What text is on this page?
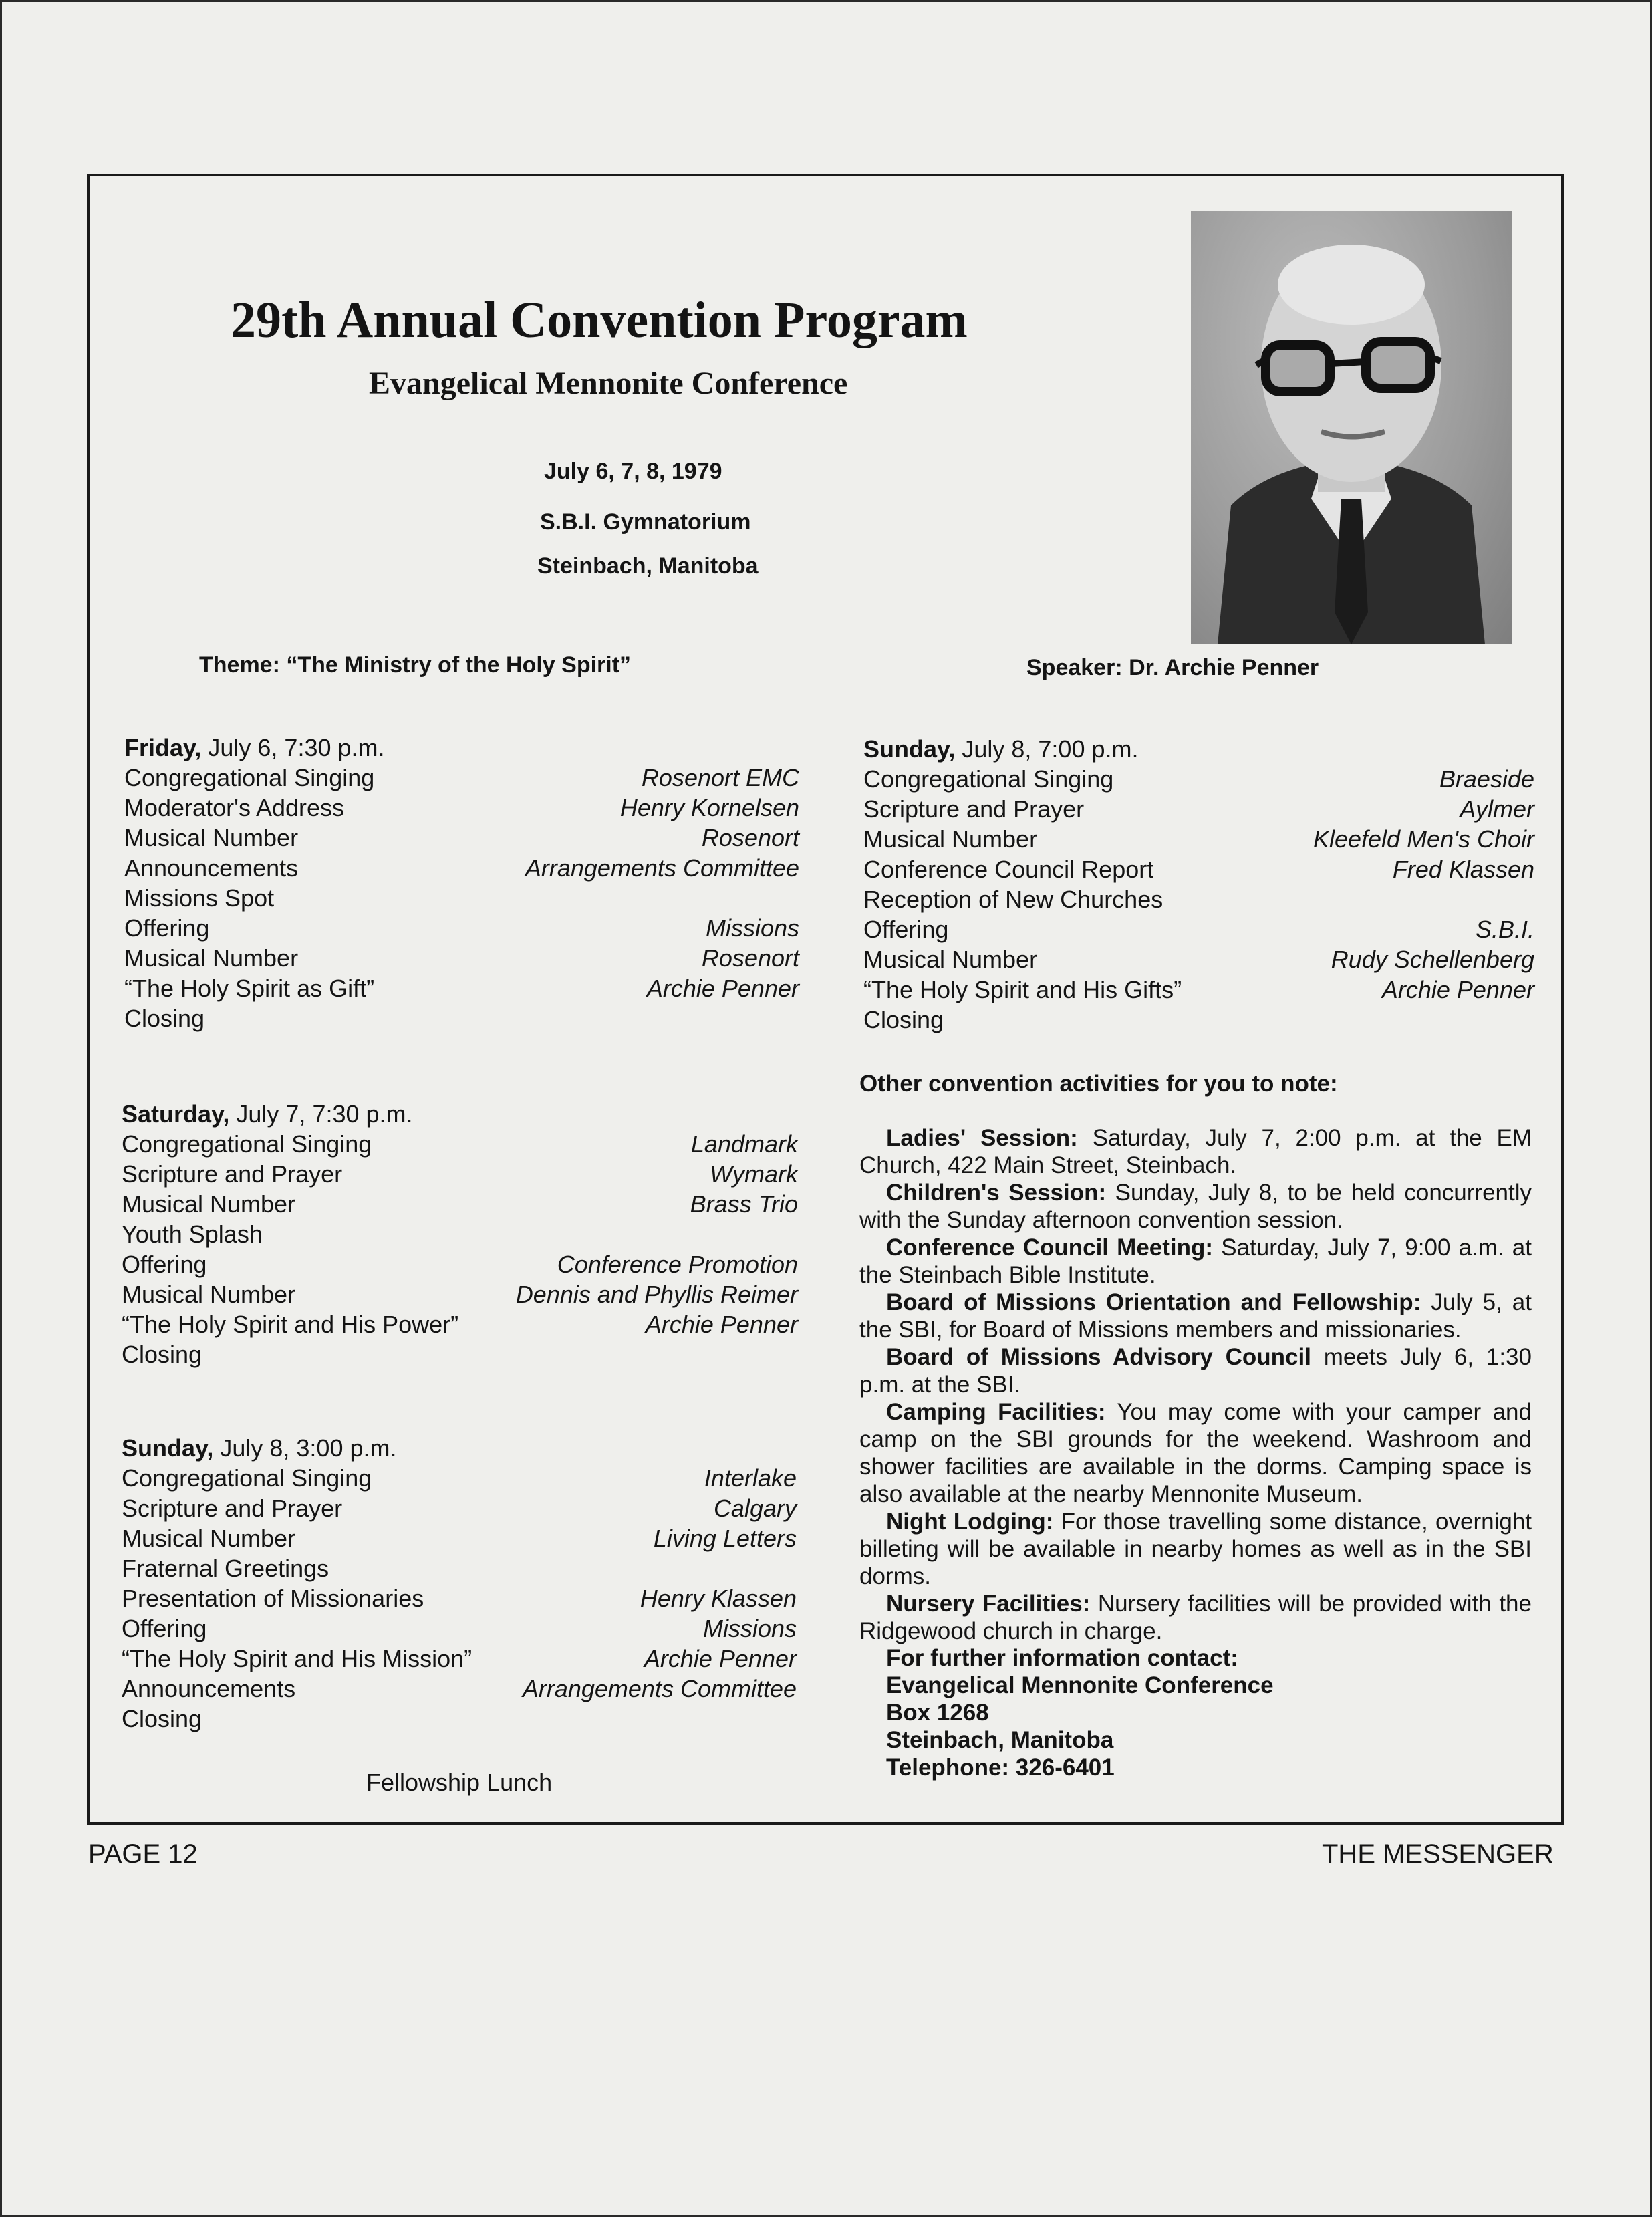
29th Annual Convention Program
Evangelical Mennonite Conference
July 6, 7, 8, 1979
S.B.I. Gymnatorium
Steinbach, Manitoba
Theme: “The Ministry of the Holy Spirit”	Speaker: Dr. Archie Penner
Friday, July 6, 7:30 p.m.
Congregational Singing	Rosenort EMC
Moderator's Address	Henry Kornelsen
Musical Number	Rosenort
Announcements	Arrangements Committee
Missions Spot
Offering	Missions
Musical Number	Rosenort
“The Holy Spirit as Gift”	Archie Penner
Closing
Saturday, July 7, 7:30 p.m.
Congregational Singing	Landmark
Scripture and Prayer	Wymark
Musical Number	Brass Trio
Youth Splash
Offering	Conference Promotion
Musical Number	Dennis and Phyllis Reimer
“The Holy Spirit and His Power”	Archie Penner
Closing
Sunday, July 8, 3:00 p.m.
Congregational Singing	Interlake
Scripture and Prayer	Calgary
Musical Number	Living Letters
Fraternal Greetings
Presentation of Missionaries	Henry Klassen
Offering	Missions
“The Holy Spirit and His Mission”	Archie Penner
Announcements	Arrangements Committee
Closing
Fellowship Lunch
Sunday, July 8, 7:00 p.m.
Congregational Singing	Braeside
Scripture and Prayer	Aylmer
Musical Number	Kleefeld Men's Choir
Conference Council Report	Fred Klassen
Reception of New Churches
Offering	S.B.I.
Musical Number	Rudy Schellenberg
“The Holy Spirit and His Gifts”	Archie Penner
Closing
Other convention activities for you to note:

Ladies' Session: Saturday, July 7, 2:00 p.m. at the EM Church, 422 Main Street, Steinbach.

Children's Session: Sunday, July 8, to be held concurrently with the Sunday afternoon convention session.

Conference Council Meeting: Saturday, July 7, 9:00 a.m. at the Steinbach Bible Institute.

Board of Missions Orientation and Fellowship: July 5, at the SBI, for Board of Missions members and missionaries.

Board of Missions Advisory Council meets July 6, 1:30 p.m. at the SBI.

Camping Facilities: You may come with your camper and camp on the SBI grounds for the weekend. Washroom and shower facilities are available in the dorms. Camping space is also available at the nearby Mennonite Museum.

Night Lodging: For those travelling some distance, overnight billeting will be available in nearby homes as well as in the SBI dorms.

Nursery Facilities: Nursery facilities will be provided with the Ridgewood church in charge.

For further information contact:
Evangelical Mennonite Conference
Box 1268
Steinbach, Manitoba
Telephone: 326-6401
PAGE 12	THE MESSENGER
